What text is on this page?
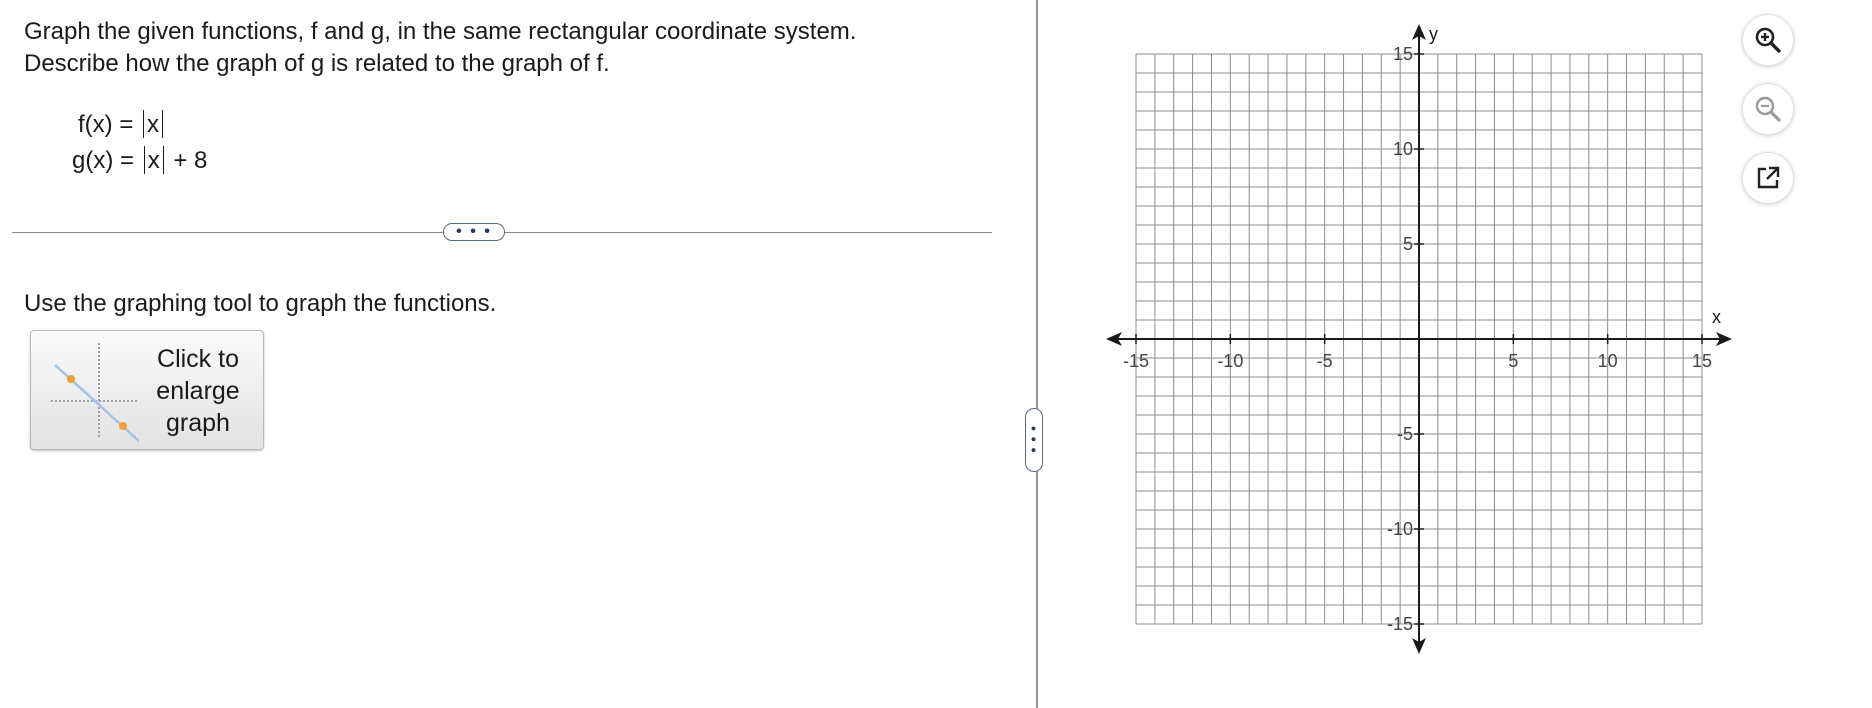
Graph the given functions, f and g, in the same rectangular coordinate system.
Describe how the graph of g is related to the graph of f.
f(x) = x
g(x) = x + 8
• • •
Use the graphing tool to graph the functions.
Click to
enlarge
graph
• • •
-15	-10	-5	5	10	15
15
10
5
-5
-10
-15
x
y
